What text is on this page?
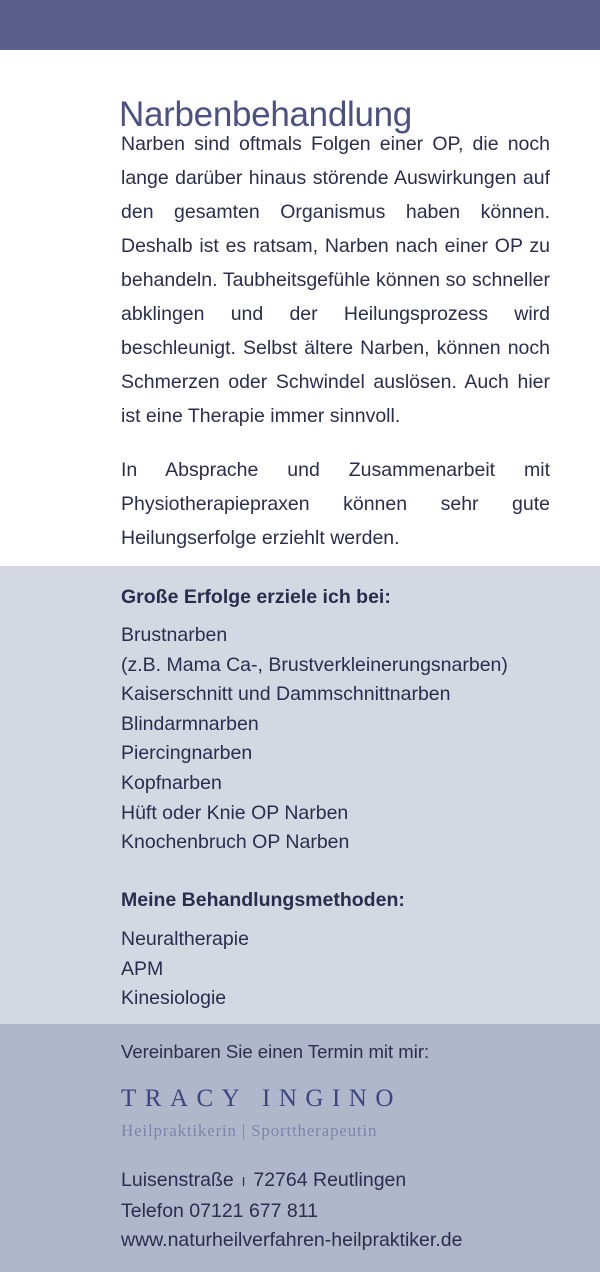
Narbenbehandlung

Narben sind oftmals Folgen einer OP, die noch lange darüber hinaus störende Auswirkungen auf den gesamten Organismus haben können. Deshalb ist es ratsam, Narben nach einer OP zu behandeln. Taubheitsgefühle können so schneller abklingen und der Heilungsprozess wird beschleunigt. Selbst ältere Narben, können noch Schmerzen oder Schwindel auslösen. Auch hier ist eine Therapie immer sinnvoll.

In Absprache und Zusammenarbeit mit Physiotherapiepraxen können sehr gute Heilungserfolge erziehlt werden.

Große Erfolge erziele ich bei:
Brustnarben
(z.B. Mama Ca-, Brustverkleinerungsnarben)
Kaiserschnitt und Dammschnittnarben
Blindarmnarben
Piercingnarben
Kopfnarben
Hüft oder Knie OP Narben
Knochenbruch OP Narben
Meine Behandlungsmethoden:
Neuraltherapie
APM
Kinesiologie
Vereinbaren Sie einen Termin mit mir:
TRACY INGINO
Heilpraktikerin | Sporttherapeutin
Luisenstraße I 72764 Reutlingen
Telefon 07121 677 811
www.naturheilverfahren-heilpraktiker.de
